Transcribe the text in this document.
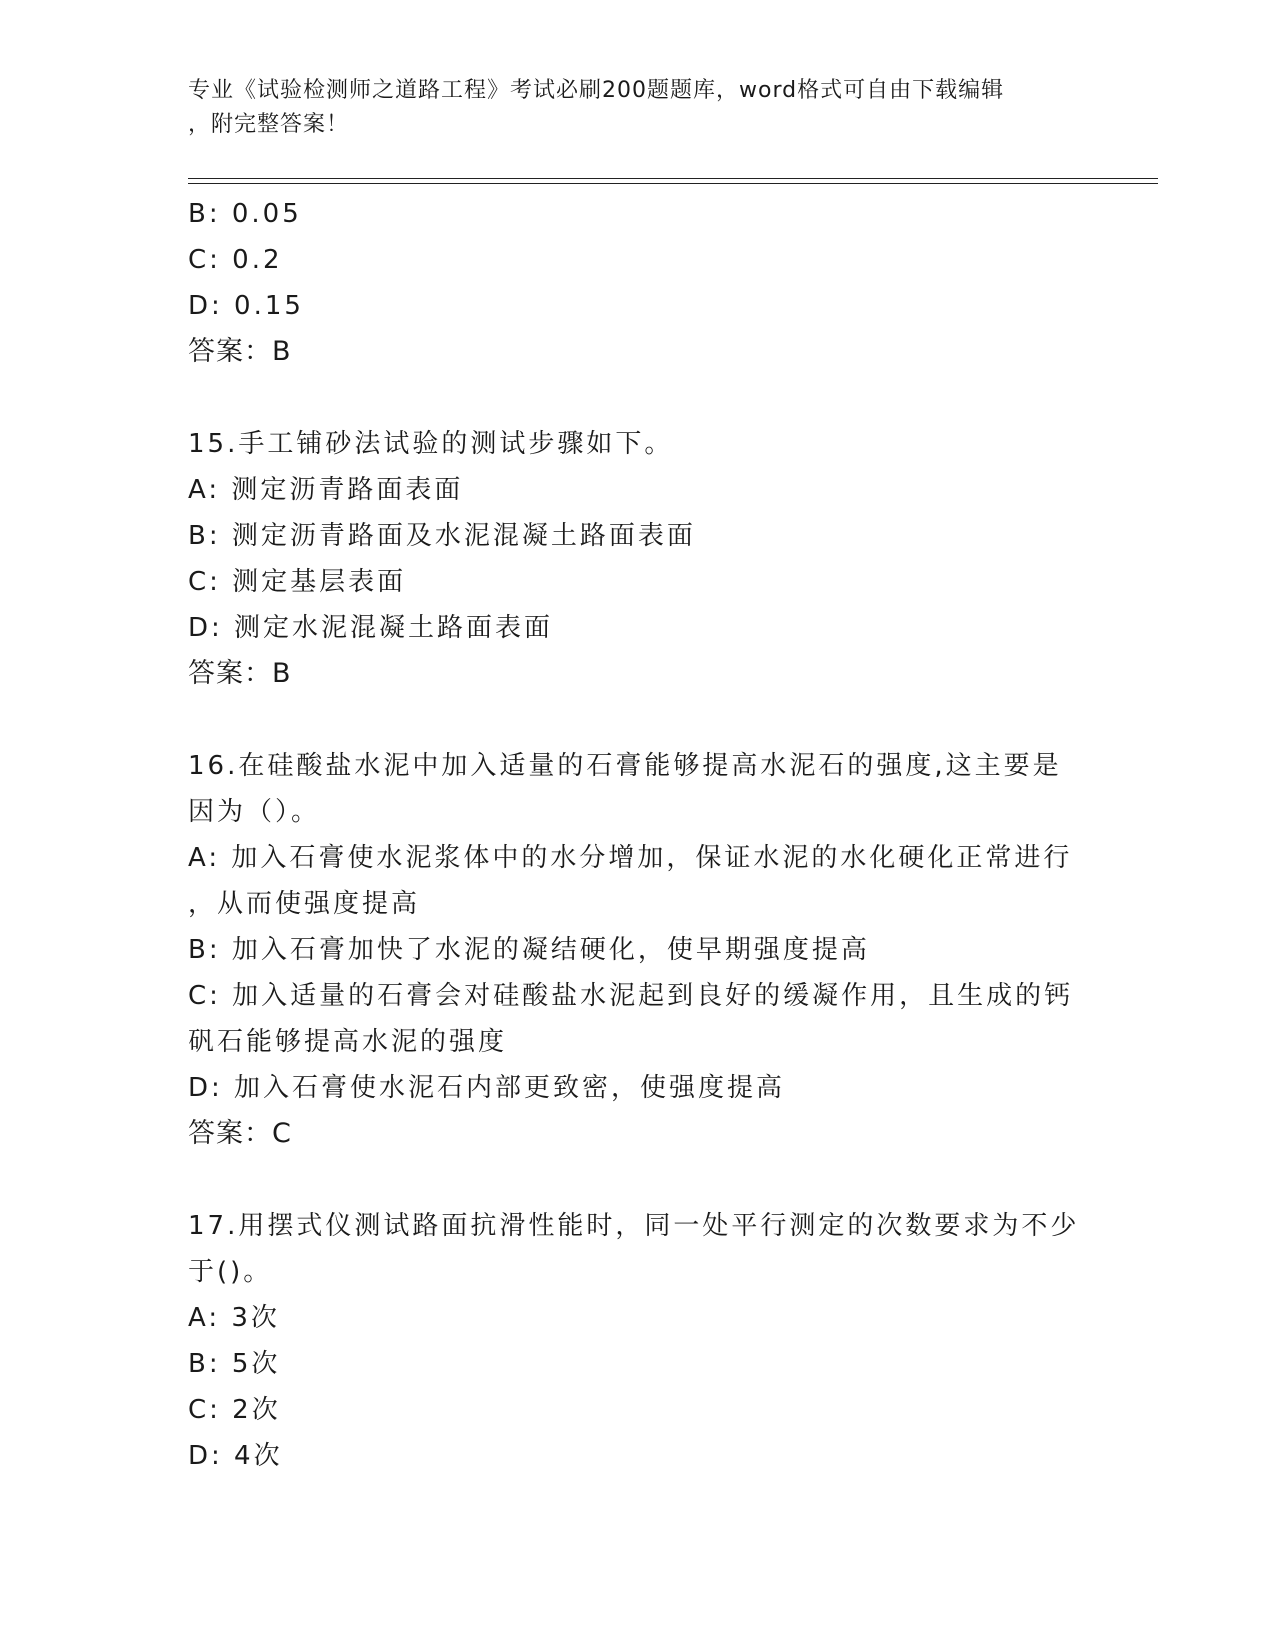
专业《试验检测师之道路工程》考试必刷200题题库，word格式可自由下载编辑
，附完整答案！
B: 0.05
C: 0.2
D: 0.15
答案：B
15.手工铺砂法试验的测试步骤如下。
A: 测定沥青路面表面
B: 测定沥青路面及水泥混凝土路面表面
C: 测定基层表面
D: 测定水泥混凝土路面表面
答案：B
16.在硅酸盐水泥中加入适量的石膏能够提高水泥石的强度,这主要是
因为（）。
A: 加入石膏使水泥浆体中的水分增加，保证水泥的水化硬化正常进行
，从而使强度提高
B: 加入石膏加快了水泥的凝结硬化，使早期强度提高
C: 加入适量的石膏会对硅酸盐水泥起到良好的缓凝作用，且生成的钙
矾石能够提高水泥的强度
D: 加入石膏使水泥石内部更致密，使强度提高
答案：C
17.用摆式仪测试路面抗滑性能时，同一处平行测定的次数要求为不少
于()。
A: 3次
B: 5次
C: 2次
D: 4次
